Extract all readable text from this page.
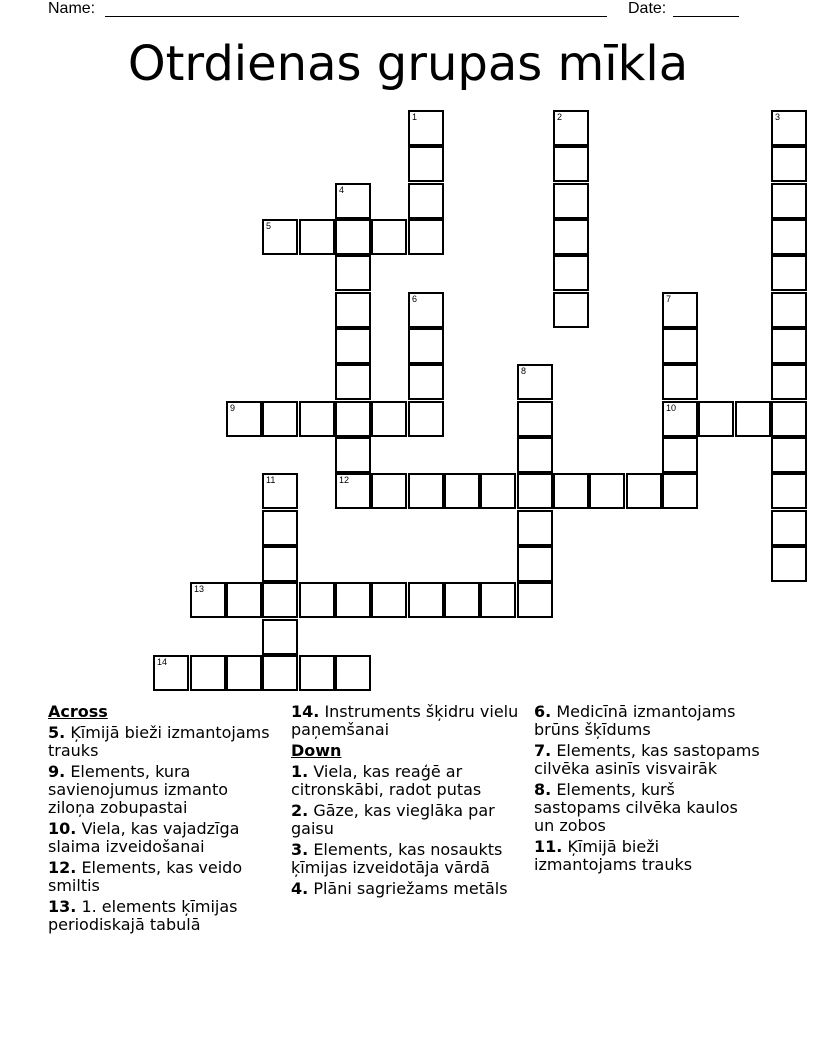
Name:	Date:
Otrdienas grupas mīkla
1	2	3
4
5
6	7
8
9	10
11	12
13
14
Across
5. Ķīmijā bieži izmantojams trauks
9. Elements, kura savienojumus izmanto ziloņa zobupastai
10. Viela, kas vajadzīga slaima izveidošanai
12. Elements, kas veido smiltis
13. 1. elements ķīmijas periodiskajā tabulā
14. Instruments šķidru vielu paņemšanai
Down
1. Viela, kas reaģē ar citronskābi, radot putas
2. Gāze, kas vieglāka par gaisu
3. Elements, kas nosaukts ķīmijas izveidotāja vārdā
4. Plāni sagriežams metāls
6. Medicīnā izmantojams brūns šķīdums
7. Elements, kas sastopams cilvēka asinīs visvairāk
8. Elements, kurš sastopams cilvēka kaulos un zobos
11. Ķīmijā bieži izmantojams trauks
